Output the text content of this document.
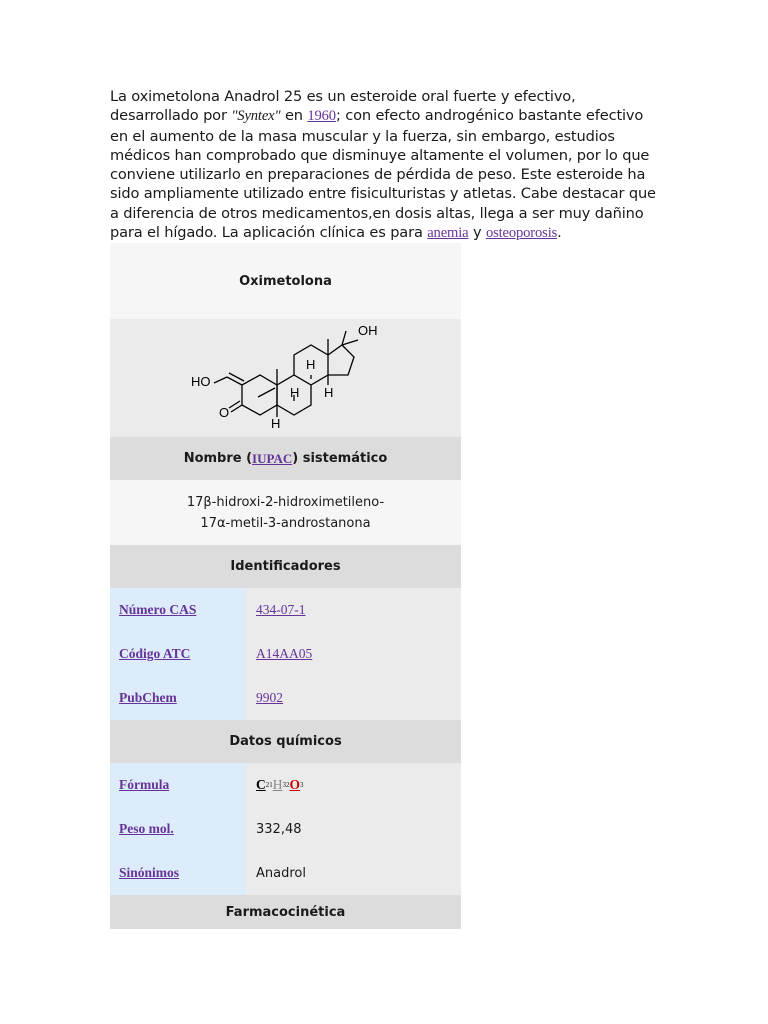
La oximetolona Anadrol 25 es un esteroide oral fuerte y efectivo, desarrollado por "Syntex" en 1960; con efecto androgénico bastante efectivo en el aumento de la masa muscular y la fuerza, sin embargo, estudios médicos han comprobado que disminuye altamente el volumen, por lo que conviene utilizarlo en preparaciones de pérdida de peso. Este esteroide ha sido ampliamente utilizado entre fisiculturistas y atletas. Cabe destacar que a diferencia de otros medicamentos,en dosis altas, llega a ser muy dañino para el hígado. La aplicación clínica es para anemia y osteoporosis.
Oximetolona
HO
O
OH
H
H H
H
Nombre ( IUPAC ) sistemático
17β-hidroxi-2-hidroximetileno-
17α-metil-3-androstanona
Identificadores
Número CAS	434-07-1
Código ATC	A14AA05
PubChem	9902
Datos químicos
Fórmula	C 21 H 32 O 3
Peso mol.	332,48
Sinónimos	Anadrol
Farmacocinética
